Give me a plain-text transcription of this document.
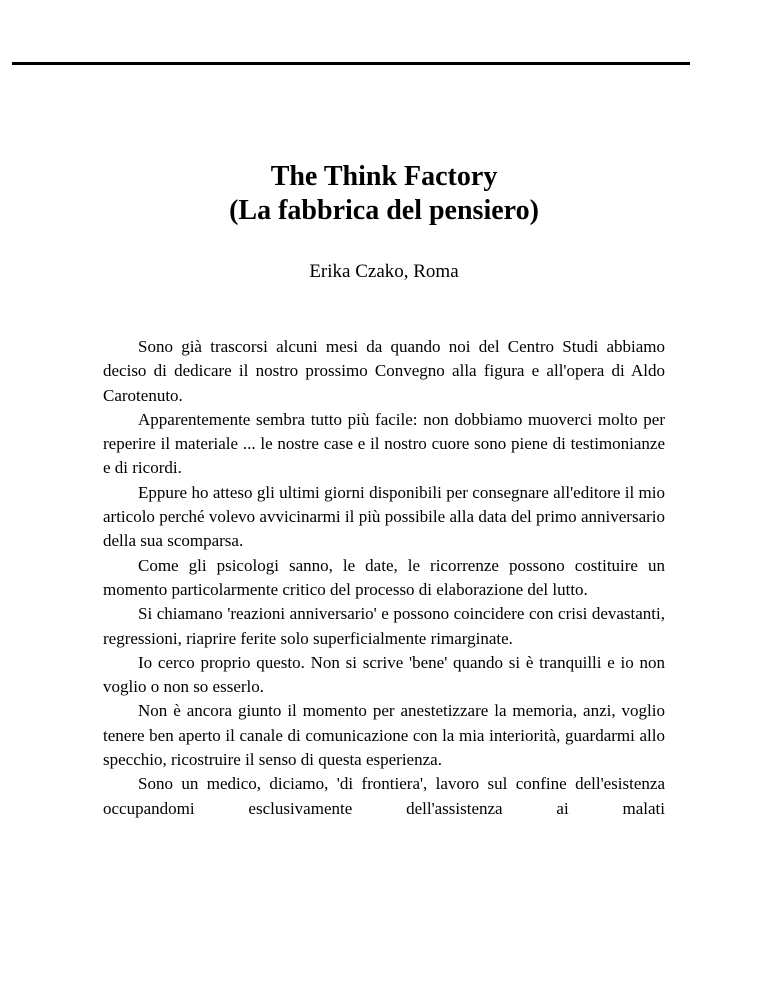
The Think Factory

(La fabbrica del pensiero)

Erika Czako, Roma

Sono già trascorsi alcuni mesi da quando noi del Centro Studi abbiamo deciso di dedicare il nostro prossimo Convegno alla figura e all'opera di Aldo Carotenuto.

Apparentemente sembra tutto più facile: non dobbiamo muoverci molto per reperire il materiale ... le nostre case e il nostro cuore sono piene di testimonianze e di ricordi.

Eppure ho atteso gli ultimi giorni disponibili per consegnare all'editore il mio articolo perché volevo avvicinarmi il più possibile alla data del primo anniversario della sua scomparsa.

Come gli psicologi sanno, le date, le ricorrenze possono costituire un momento particolarmente critico del processo di elaborazione del lutto.

Si chiamano 'reazioni anniversario' e possono coincidere con crisi devastanti, regressioni, riaprire ferite solo superficialmente rimarginate.

Io cerco proprio questo. Non si scrive 'bene' quando si è tranquilli e io non voglio o non so esserlo.

Non è ancora giunto il momento per anestetizzare la memoria, anzi, voglio tenere ben aperto il canale di comunicazione con la mia interiorità, guardarmi allo specchio, ricostruire il senso di questa esperienza.

Sono un medico, diciamo, 'di frontiera', lavoro sul confine dell'esistenza occupandomi esclusivamente dell'assistenza ai malati
